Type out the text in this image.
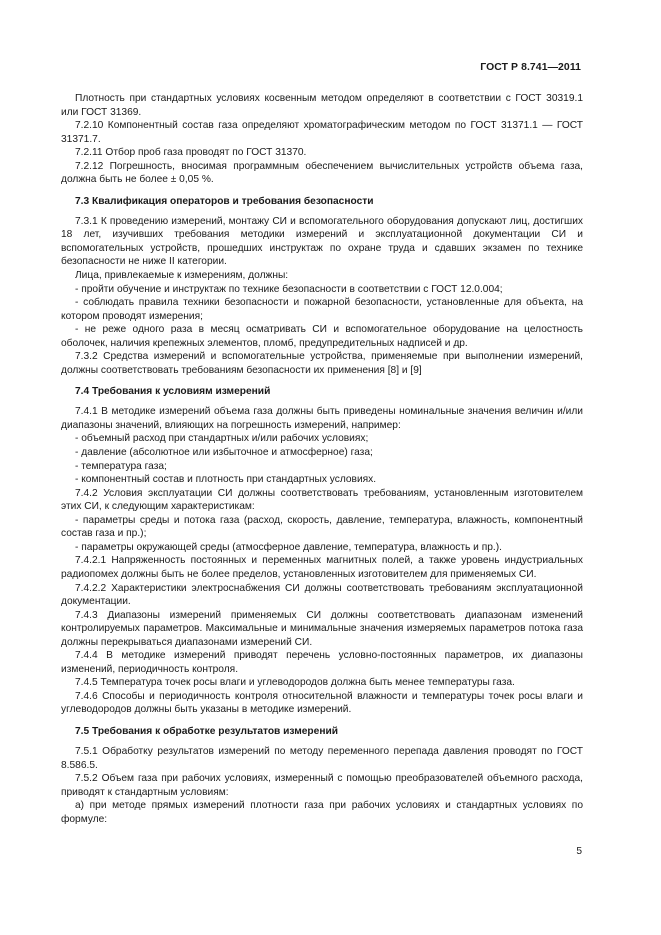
ГОСТ Р 8.741—2011

Плотность при стандартных условиях косвенным методом определяют в соответствии с ГОСТ 30319.1 или ГОСТ 31369.

7.2.10 Компонентный состав газа определяют хроматографическим методом по ГОСТ 31371.1 — ГОСТ 31371.7.

7.2.11 Отбор проб газа проводят по ГОСТ 31370.

7.2.12 Погрешность, вносимая программным обеспечением вычислительных устройств объема газа, должна быть не более ± 0,05 %.

7.3 Квалификация операторов и требования безопасности

7.3.1 К проведению измерений, монтажу СИ и вспомогательного оборудования допускают лиц, достигших 18 лет, изучивших требования методики измерений и эксплуатационной документации СИ и вспомогательных устройств, прошедших инструктаж по охране труда и сдавших экзамен по технике безопасности не ниже II категории.

Лица, привлекаемые к измерениям, должны:

- пройти обучение и инструктаж по технике безопасности в соответствии с ГОСТ 12.0.004;

- соблюдать правила техники безопасности и пожарной безопасности, установленные для объекта, на котором проводят измерения;

- не реже одного раза в месяц осматривать СИ и вспомогательное оборудование на целостность оболочек, наличия крепежных элементов, пломб, предупредительных надписей и др.

7.3.2 Средства измерений и вспомогательные устройства, применяемые при выполнении измерений, должны соответствовать требованиям безопасности их применения [8] и [9]

7.4 Требования к условиям измерений

7.4.1 В методике измерений объема газа должны быть приведены номинальные значения величин и/или диапазоны значений, влияющих на погрешность измерений, например:

- объемный расход при стандартных и/или рабочих условиях;

- давление (абсолютное или избыточное и атмосферное) газа;

- температура газа;

- компонентный состав и плотность при стандартных условиях.

7.4.2 Условия эксплуатации СИ должны соответствовать требованиям, установленным изготовителем этих СИ, к следующим характеристикам:

- параметры среды и потока газа (расход, скорость, давление, температура, влажность, компонентный состав газа и пр.);

- параметры окружающей среды (атмосферное давление, температура, влажность и пр.).

7.4.2.1 Напряженность постоянных и переменных магнитных полей, а также уровень индустриальных радиопомех должны быть не более пределов, установленных изготовителем для применяемых СИ.

7.4.2.2 Характеристики электроснабжения СИ должны соответствовать требованиям эксплуатационной документации.

7.4.3 Диапазоны измерений применяемых СИ должны соответствовать диапазонам изменений контролируемых параметров. Максимальные и минимальные значения измеряемых параметров потока газа должны перекрываться диапазонами измерений СИ.

7.4.4 В методике измерений приводят перечень условно-постоянных параметров, их диапазоны изменений, периодичность контроля.

7.4.5 Температура точек росы влаги и углеводородов должна быть менее температуры газа.

7.4.6 Способы и периодичность контроля относительной влажности и температуры точек росы влаги и углеводородов должны быть указаны в методике измерений.

7.5 Требования к обработке результатов измерений

7.5.1 Обработку результатов измерений по методу переменного перепада давления проводят по ГОСТ 8.586.5.

7.5.2 Объем газа при рабочих условиях, измеренный с помощью преобразователей объемного расхода, приводят к стандартным условиям:

а) при методе прямых измерений плотности газа при рабочих условиях и стандартных условиях по формуле:

5
